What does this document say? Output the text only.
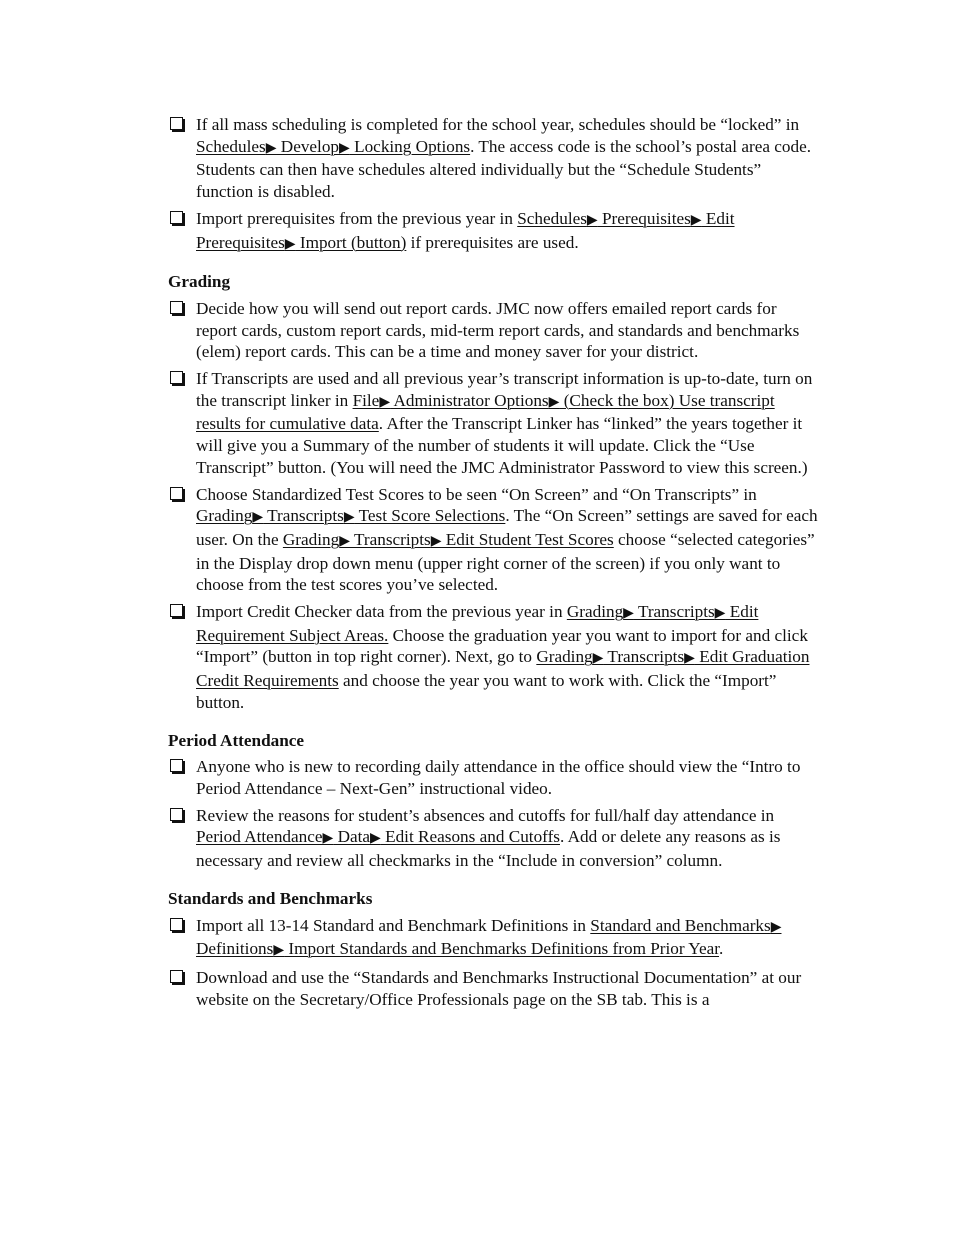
If all mass scheduling is completed for the school year, schedules should be “locked” in Schedules▶ Develop▶ Locking Options. The access code is the school’s postal area code. Students can then have schedules altered individually but the “Schedule Students” function is disabled.
Import prerequisites from the previous year in Schedules▶ Prerequisites▶ Edit Prerequisites▶ Import (button) if prerequisites are used.
Grading
Decide how you will send out report cards. JMC now offers emailed report cards for report cards, custom report cards, mid-term report cards, and standards and benchmarks (elem) report cards. This can be a time and money saver for your district.
If Transcripts are used and all previous year’s transcript information is up-to-date, turn on the transcript linker in File▶ Administrator Options▶ (Check the box) Use transcript results for cumulative data. After the Transcript Linker has “linked” the years together it will give you a Summary of the number of students it will update. Click the “Use Transcript” button. (You will need the JMC Administrator Password to view this screen.)
Choose Standardized Test Scores to be seen “On Screen” and “On Transcripts” in Grading▶ Transcripts▶ Test Score Selections. The “On Screen” settings are saved for each user. On the Grading▶ Transcripts▶ Edit Student Test Scores choose “selected categories” in the Display drop down menu (upper right corner of the screen) if you only want to choose from the test scores you’ve selected.
Import Credit Checker data from the previous year in Grading▶ Transcripts▶ Edit Requirement Subject Areas. Choose the graduation year you want to import for and click “Import” (button in top right corner). Next, go to Grading▶ Transcripts▶ Edit Graduation Credit Requirements and choose the year you want to work with. Click the “Import” button.
Period Attendance
Anyone who is new to recording daily attendance in the office should view the “Intro to Period Attendance – Next-Gen” instructional video.
Review the reasons for student’s absences and cutoffs for full/half day attendance in Period Attendance▶ Data▶ Edit Reasons and Cutoffs. Add or delete any reasons as is necessary and review all checkmarks in the “Include in conversion” column.
Standards and Benchmarks
Import all 13-14 Standard and Benchmark Definitions in Standard and Benchmarks▶ Definitions▶ Import Standards and Benchmarks Definitions from Prior Year.
Download and use the “Standards and Benchmarks Instructional Documentation” at our website on the Secretary/Office Professionals page on the SB tab. This is a
